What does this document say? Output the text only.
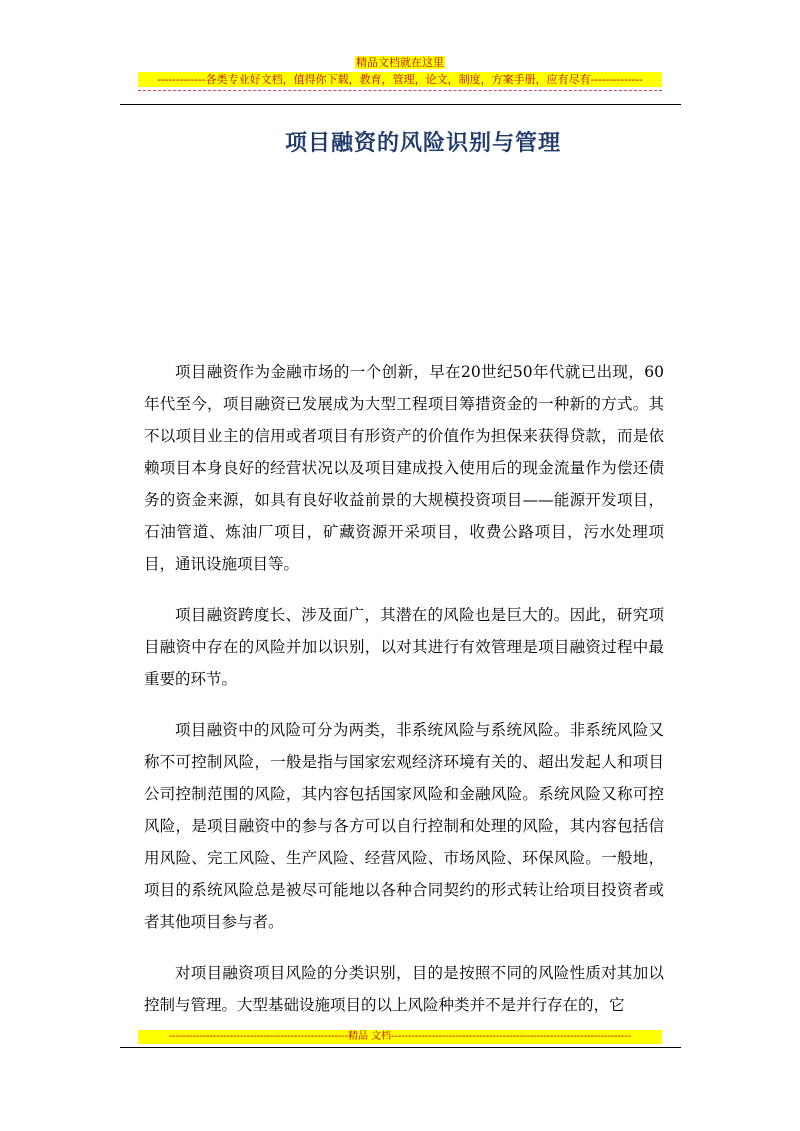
精品文档就在这里
-------------各类专业好文档，值得你下载，教育，管理，论文，制度，方案手册，应有尽有--------------
项目融资的风险识别与管理

项目融资作为金融市场的一个创新，早在20世纪50年代就已出现，60年代至今，项目融资已发展成为大型工程项目筹措资金的一种新的方式。其不以项目业主的信用或者项目有形资产的价值作为担保来获得贷款，而是依赖项目本身良好的经营状况以及项目建成投入使用后的现金流量作为偿还债务的资金来源，如具有良好收益前景的大规模投资项目——能源开发项目，石油管道、炼油厂项目，矿藏资源开采项目，收费公路项目，污水处理项目，通讯设施项目等。

项目融资跨度长、涉及面广，其潜在的风险也是巨大的。因此，研究项目融资中存在的风险并加以识别，以对其进行有效管理是项目融资过程中最重要的环节。

项目融资中的风险可分为两类，非系统风险与系统风险。非系统风险又称不可控制风险，一般是指与国家宏观经济环境有关的、超出发起人和项目公司控制范围的风险，其内容包括国家风险和金融风险。系统风险又称可控风险，是项目融资中的参与各方可以自行控制和处理的风险，其内容包括信用风险、完工风险、生产风险、经营风险、市场风险、环保风险。一般地，项目的系统风险总是被尽可能地以各种合同契约的形式转让给项目投资者或者其他项目参与者。

对项目融资项目风险的分类识别，目的是按照不同的风险性质对其加以控制与管理。大型基础设施项目的以上风险种类并不是并行存在的，它

-----------------------------------------------------精品 文档-----------------------------------------------------------------------
